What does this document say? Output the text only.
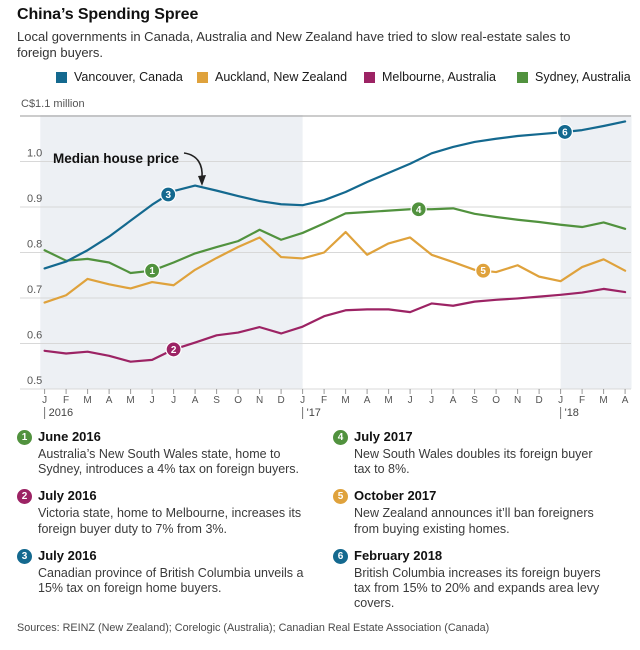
China’s Spending Spree
Local governments in Canada, Australia and New Zealand have tried to slow real-estate sales to foreign buyers.
Vancouver, Canada	Auckland, New Zealand	Melbourne, Australia	Sydney, Australia
1.0
0.9
0.8
0.7
0.6
0.5
C$1.1 million
J F M A M J J A S O N D J F M A M J J A S O N D J F M A
2016	'17	'18
Median house price
1
2
3
4
5
6
1 June 2016

Australia’s New South Wales state, home to Sydney, introduces a 4% tax on foreign buyers.

2 July 2016

Victoria state, home to Melbourne, increases its foreign buyer duty to 7% from 3%.

3 July 2016

Canadian province of British Columbia unveils a 15% tax on foreign home buyers.

4 July 2017

New South Wales doubles its foreign buyer tax to 8%.

5 October 2017

New Zealand announces it’ll ban foreigners from buying existing homes.

6 February 2018

British Columbia increases its foreign buyers tax from 15% to 20% and expands area levy covers.

Sources: REINZ (New Zealand); Corelogic (Australia); Canadian Real Estate Association (Canada)
